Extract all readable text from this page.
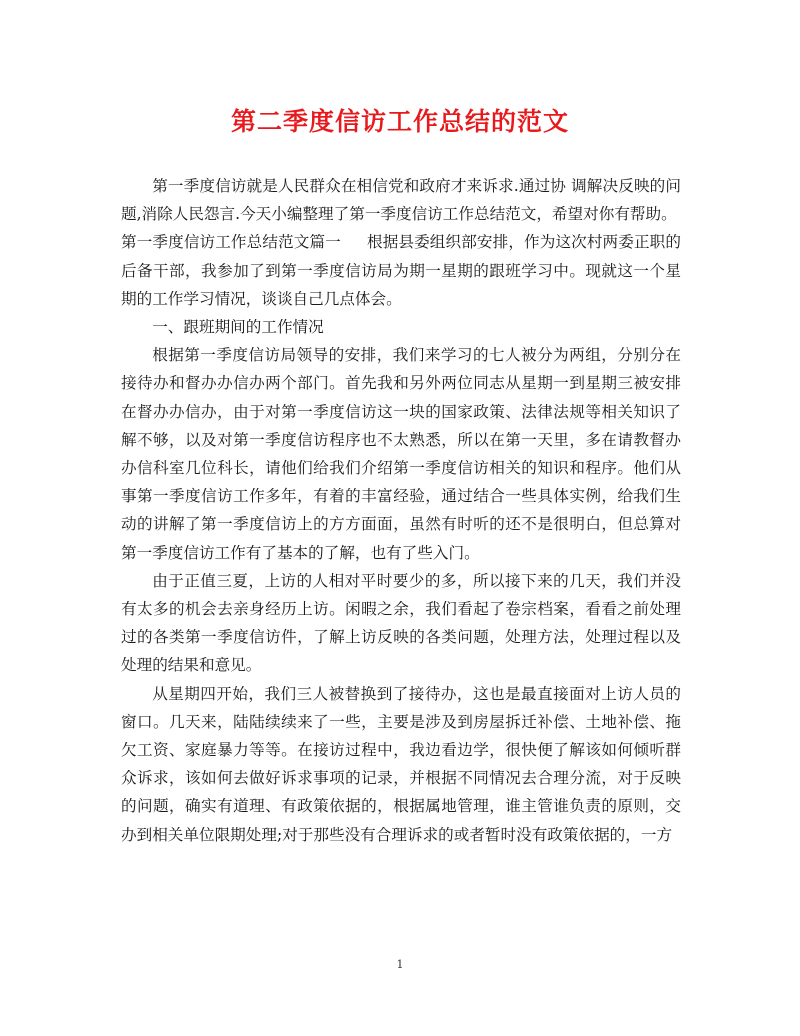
第二季度信访工作总结的范文

第一季度信访就是人民群众在相信党和政府才来诉求.通过协 调解决反映的问题,消除人民怨言.今天小编整理了第一季度信访工作总结范文，希望对你有帮助。

第一季度信访工作总结范文篇一 根据县委组织部安排，作为这次村两委正职的后备干部，我参加了到第一季度信访局为期一星期的跟班学习中。现就这一个星期的工作学习情况，谈谈自己几点体会。

一、跟班期间的工作情况

根据第一季度信访局领导的安排，我们来学习的七人被分为两组，分别分在接待办和督办办信办两个部门。首先我和另外两位同志从星期一到星期三被安排在督办办信办，由于对第一季度信访这一块的国家政策、法律法规等相关知识了解不够，以及对第一季度信访程序也不太熟悉，所以在第一天里，多在请教督办办信科室几位科长，请他们给我们介绍第一季度信访相关的知识和程序。他们从事第一季度信访工作多年，有着的丰富经验，通过结合一些具体实例，给我们生动的讲解了第一季度信访上的方方面面，虽然有时听的还不是很明白，但总算对第一季度信访工作有了基本的了解，也有了些入门。

由于正值三夏，上访的人相对平时要少的多，所以接下来的几天，我们并没有太多的机会去亲身经历上访。闲暇之余，我们看起了卷宗档案，看看之前处理过的各类第一季度信访件，了解上访反映的各类问题，处理方法，处理过程以及处理的结果和意见。

从星期四开始，我们三人被替换到了接待办，这也是最直接面对上访人员的窗口。几天来，陆陆续续来了一些，主要是涉及到房屋拆迁补偿、土地补偿、拖欠工资、家庭暴力等等。在接访过程中，我边看边学，很快便了解该如何倾听群众诉求，该如何去做好诉求事项的记录，并根据不同情况去合理分流，对于反映的问题，确实有道理、有政策依据的，根据属地管理，谁主管谁负责的原则，交办到相关单位限期处理;对于那些没有合理诉求的或者暂时没有政策依据的，一方

1
